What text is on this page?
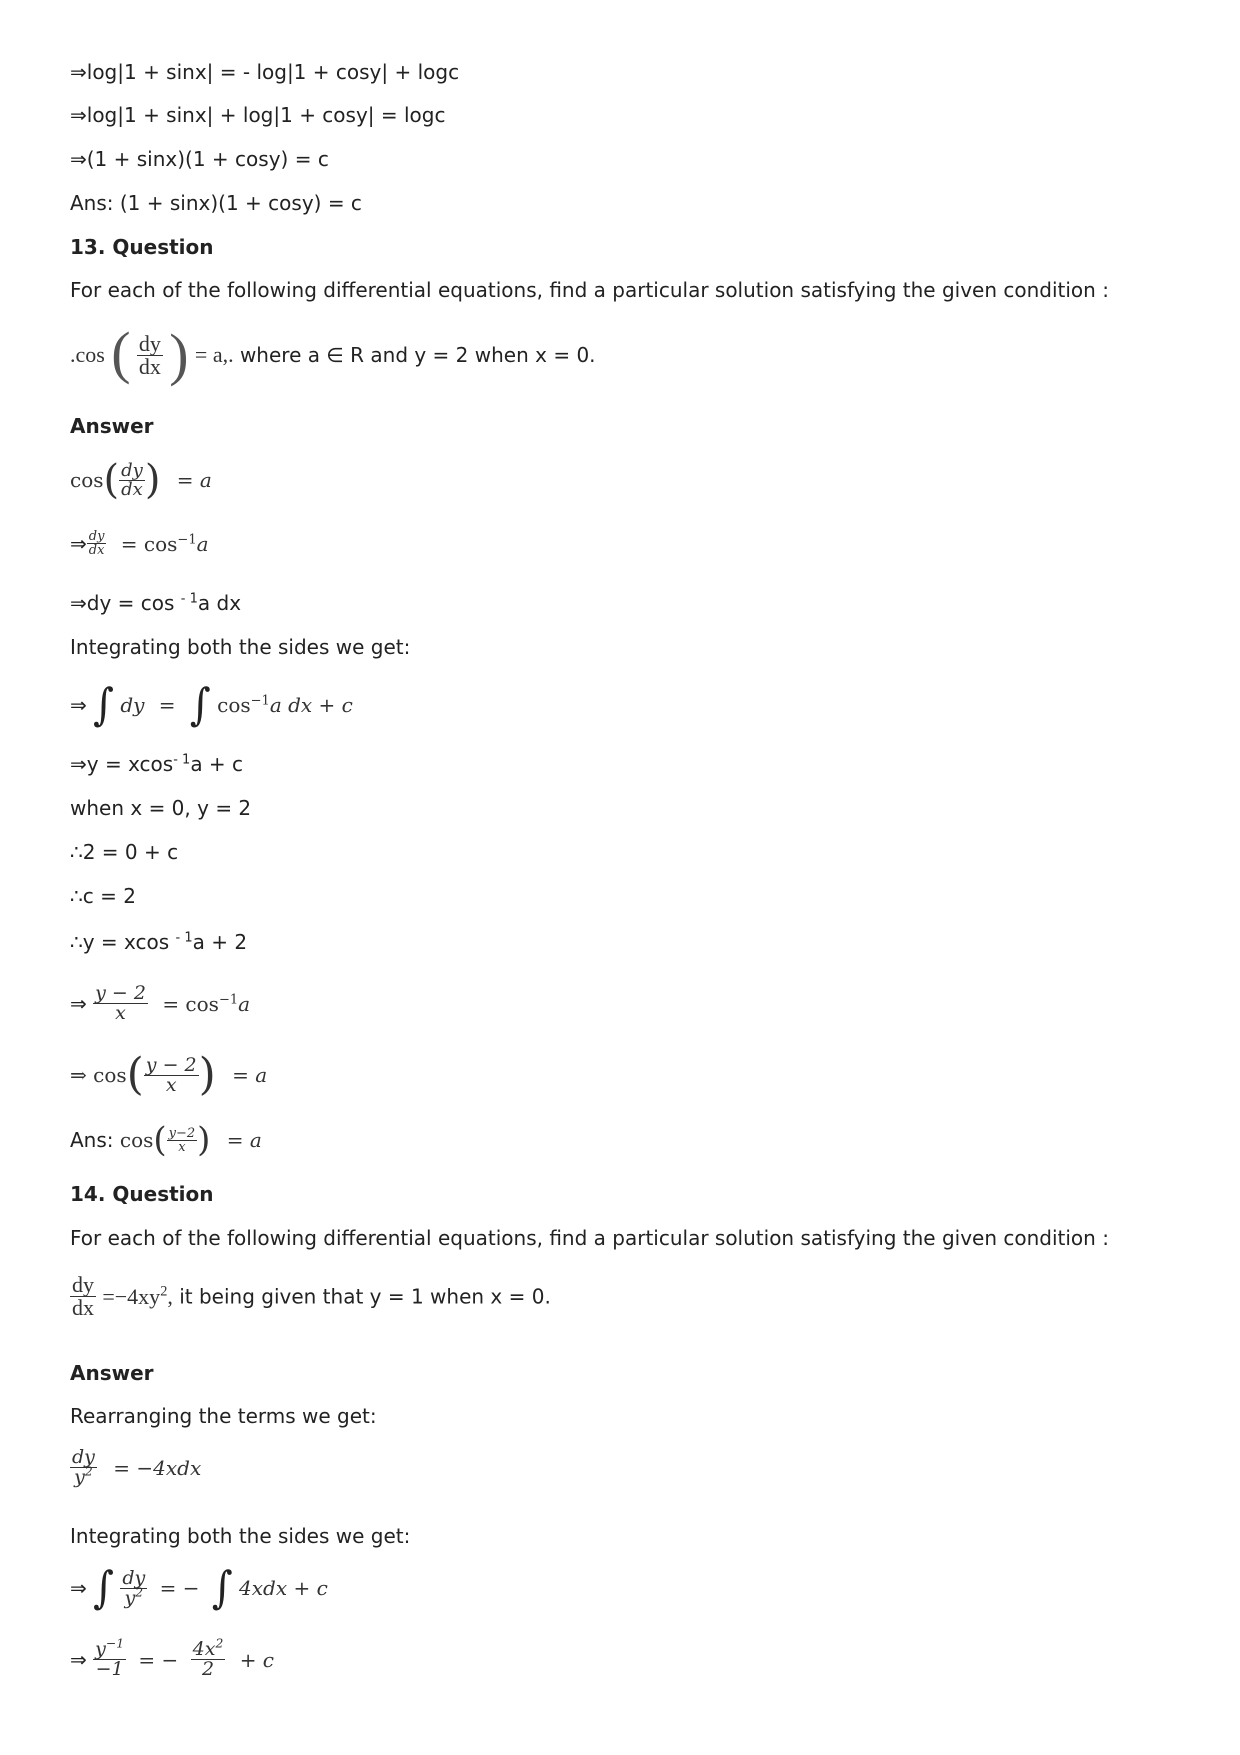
⇒log|1 + sinx| = - log|1 + cosy| + logc
⇒log|1 + sinx| + log|1 + cosy| = logc
⇒(1 + sinx)(1 + cosy) = c
Ans: (1 + sinx)(1 + cosy) = c
13. Question
For each of the following differential equations, find a particular solution satisfying the given condition :
.cos ( $\frac{dy}{dx}$ ) = a,. where a ∈ R and y = 2 when x = 0.
Answer
$\cos( \frac{dy}{dx}$ ) = a
⇒ $\frac{dy}{dx} = \cos^{-1}a$
⇒dy = cos $^{- 1}$a dx
Integrating both the sides we get:
⇒ ∫ dy = ∫ $\cos^{-1}a$ dx + c
⇒y = xcos$^{- 1}$a + c
when x = 0, y = 2
∴2 = 0 + c
∴c = 2
∴y = xcos $^{- 1}$a + 2
⇒ $\frac{y - 2}{x} = \cos^{-1}a$
⇒ $\cos( \frac{y - 2}{x}$ ) = a
Ans: $\cos( \frac{y-2}{x}$ ) = a
14. Question
For each of the following differential equations, find a particular solution satisfying the given condition :
$\frac{dy}{dx} =-4xy^2$, it being given that y = 1 when x = 0.
Answer
Rearranging the terms we get:
$\frac{dy}{y^2} = -4xdx$
Integrating both the sides we get:
⇒ ∫ $\frac{dy}{y^2}$ = − ∫ 4xdx + c
⇒ $\frac{y^{-1}}{-1}$ = − $\frac{4x^2}{2} + c$
